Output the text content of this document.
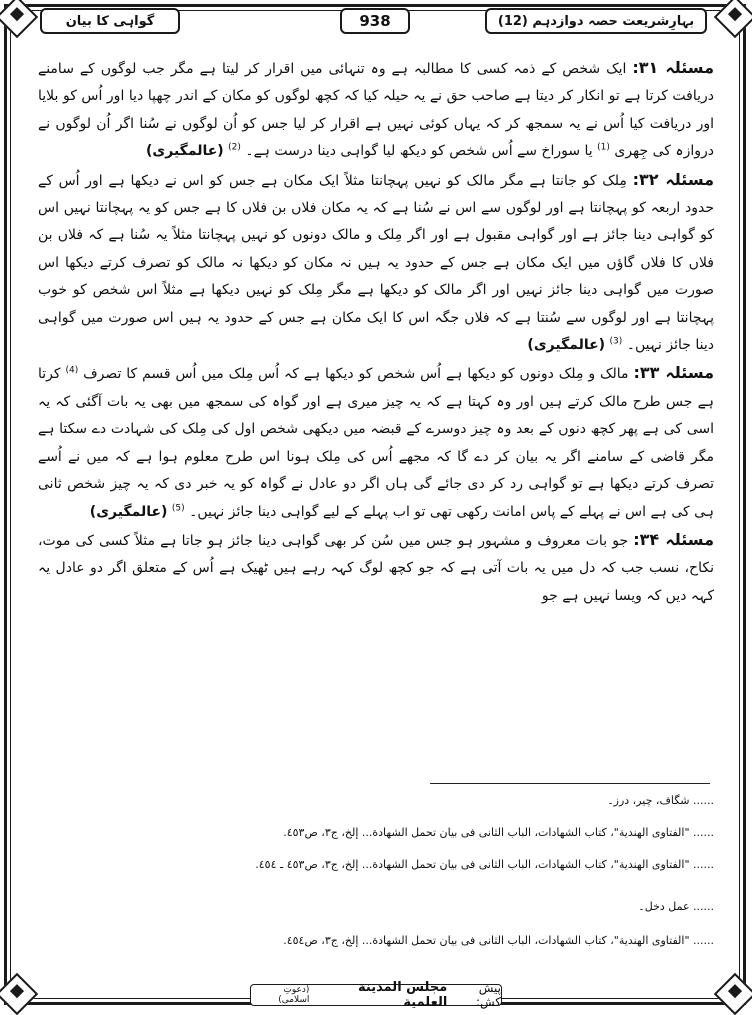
بہارِشریعت حصہ دوازدہم (12)
938
گواہی کا بیان

مسئلہ ۳۱: ایک شخص کے ذمہ کسی کا مطالبہ ہے وہ تنہائی میں اقرار کر لیتا ہے مگر جب لوگوں کے سامنے دریافت کرتا ہے تو انکار کر دیتا ہے صاحب حق نے یہ حیلہ کیا کہ کچھ لوگوں کو مکان کے اندر چھپا دیا اور اُس کو بلایا اور دریافت کیا اُس نے یہ سمجھ کر کہ یہاں کوئی نہیں ہے اقرار کر لیا جس کو اُن لوگوں نے سُنا اگر اُن لوگوں نے دروازہ کی جِھری $^{(1)}$ یا سوراخ سے اُس شخص کو دیکھ لیا گواہی دینا درست ہے۔ $^{(2)}$ (عالمگیری)

مسئلہ ۳۲: مِلک کو جانتا ہے مگر مالک کو نہیں پہچانتا مثلاً ایک مکان ہے جس کو اس نے دیکھا ہے اور اُس کے حدود اربعہ کو پہچانتا ہے اور لوگوں سے اس نے سُنا ہے کہ یہ مکان فلاں بن فلاں کا ہے جس کو یہ پہچانتا نہیں اس کو گواہی دینا جائز ہے اور گواہی مقبول ہے اور اگر مِلک و مالک دونوں کو نہیں پہچانتا مثلاً یہ سُنا ہے کہ فلاں بن فلاں کا فلاں گاؤں میں ایک مکان ہے جس کے حدود یہ ہیں نہ مکان کو دیکھا نہ مالک کو تصرف کرتے دیکھا اس صورت میں گواہی دینا جائز نہیں اور اگر مالک کو دیکھا ہے مگر مِلک کو نہیں دیکھا ہے مثلاً اس شخص کو خوب پہچانتا ہے اور لوگوں سے سُنتا ہے کہ فلاں جگہ اس کا ایک مکان ہے جس کے حدود یہ ہیں اس صورت میں گواہی دینا جائز نہیں۔ $^{(3)}$ (عالمگیری)

مسئلہ ۳۳: مالک و مِلک دونوں کو دیکھا ہے اُس شخص کو دیکھا ہے کہ اُس مِلک میں اُس قسم کا تصرف $^{(4)}$ کرتا ہے جس طرح مالک کرتے ہیں اور وہ کہتا ہے کہ یہ چیز میری ہے اور گواہ کی سمجھ میں بھی یہ بات آگئی کہ یہ اسی کی ہے پھر کچھ دنوں کے بعد وہ چیز دوسرے کے قبضہ میں دیکھی شخص اول کی مِلک کی شہادت دے سکتا ہے مگر قاضی کے سامنے اگر یہ بیان کر دے گا کہ مجھے اُس کی مِلک ہونا اس طرح معلوم ہوا ہے کہ میں نے اُسے تصرف کرتے دیکھا ہے تو گواہی رد کر دی جائے گی ہاں اگر دو عادل نے گواہ کو یہ خبر دی کہ یہ چیز شخص ثانی ہی کی ہے اس نے پہلے کے پاس امانت رکھی تھی تو اب پہلے کے لیے گواہی دینا جائز نہیں۔ $^{(5)}$ (عالمگیری)

مسئلہ ۳۴: جو بات معروف و مشہور ہو جس میں سُن کر بھی گواہی دینا جائز ہو جاتا ہے مثلاً کسی کی موت، نکاح، نسب جب کہ دل میں یہ بات آتی ہے کہ جو کچھ لوگ کہہ رہے ہیں ٹھیک ہے اُس کے متعلق اگر دو عادل یہ کہہ دیں کہ ویسا نہیں ہے جو

...... شگاف، چیر، درز۔
...... "الفتاوى الهندية"، كتاب الشهادات، الباب الثانى فى بيان تحمل الشهادة... إلخ، ج٣، ص٤٥٣.
...... "الفتاوى الهندية"، كتاب الشهادات، الباب الثانى فى بيان تحمل الشهادة... إلخ، ج٣، ص٤٥٣ ـ ٤٥٤.
...... عمل دخل۔
...... "الفتاوى الهندية"، كتاب الشهادات، الباب الثانى فى بيان تحمل الشهادة... إلخ، ج٣، ص٤٥٤.
پیش کش:
مجلس المدینة العلمیة
(دعوتِ اسلامی)
